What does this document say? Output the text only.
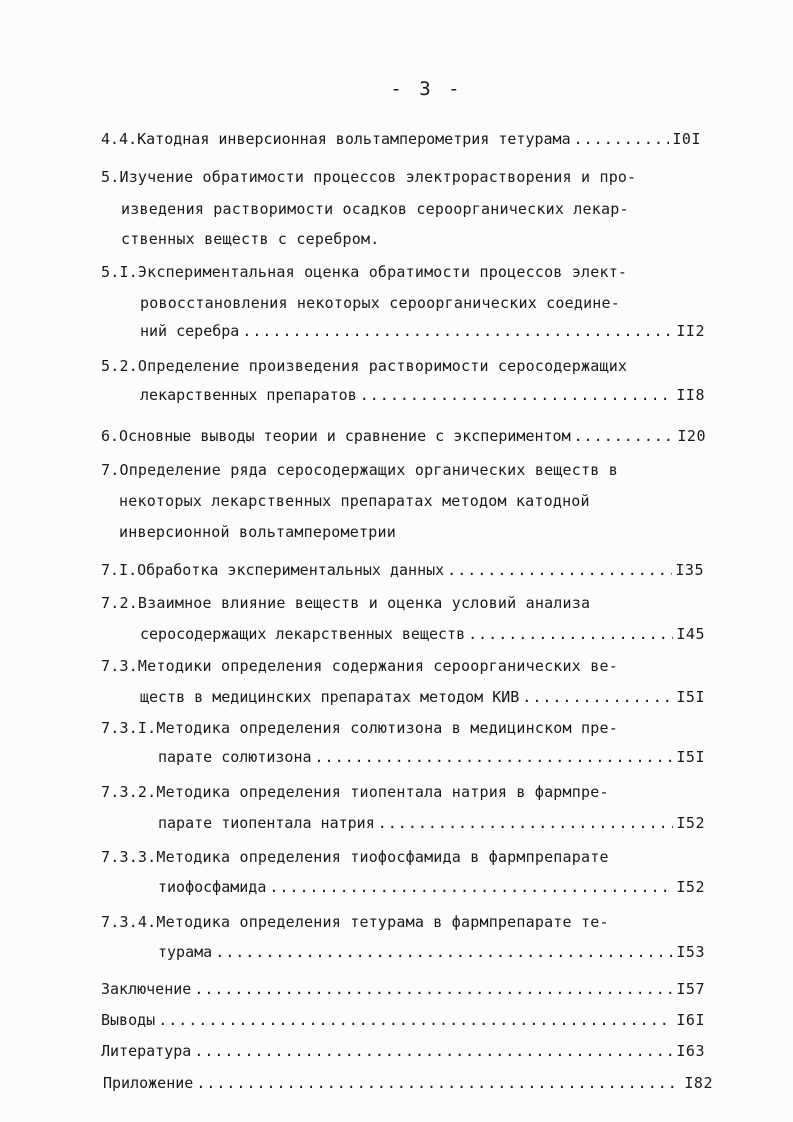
- 3 -
4.4.Катодная инверсионная вольтамперометрия тетурама .....	I0I
5.Изучение обратимости процессов электрорастворения и про-
изведения растворимости осадков сероорганических лекар-
ственных веществ с серебром.
5.I.Экспериментальная оценка обратимости процессов элект-
ровосстановления некоторых сероорганических соедине-
ний серебра .....	II2
5.2.Определение произведения растворимости серосодержащих
лекарственных препаратов .....	II8
6.Основные выводы теории и сравнение с экспериментом .....	I20
7.Определение ряда серосодержащих органических веществ в
некоторых лекарственных препаратах методом катодной
инверсионной вольтамперометрии
7.I.Обработка экспериментальных данных .....	I35
7.2.Взаимное влияние веществ и оценка условий анализа
серосодержащих лекарственных веществ .....	I45
7.3.Методики определения содержания сероорганических ве-
ществ в медицинских препаратах методом КИВ .....	I5I
7.3.I.Методика определения солютизона в медицинском пре-
парате солютизона .....	I5I
7.3.2.Методика определения тиопентала натрия в фармпре-
парате тиопентала натрия .....	I52
7.3.3.Методика определения тиофосфамида в фармпрепарате
тиофосфамида .....	I52
7.3.4.Методика определения тетурама в фармпрепарате те-
турама .....	I53
Заключение .....	I57
Выводы .....	I6I
Литература .....	I63
Приложение .....	I82
